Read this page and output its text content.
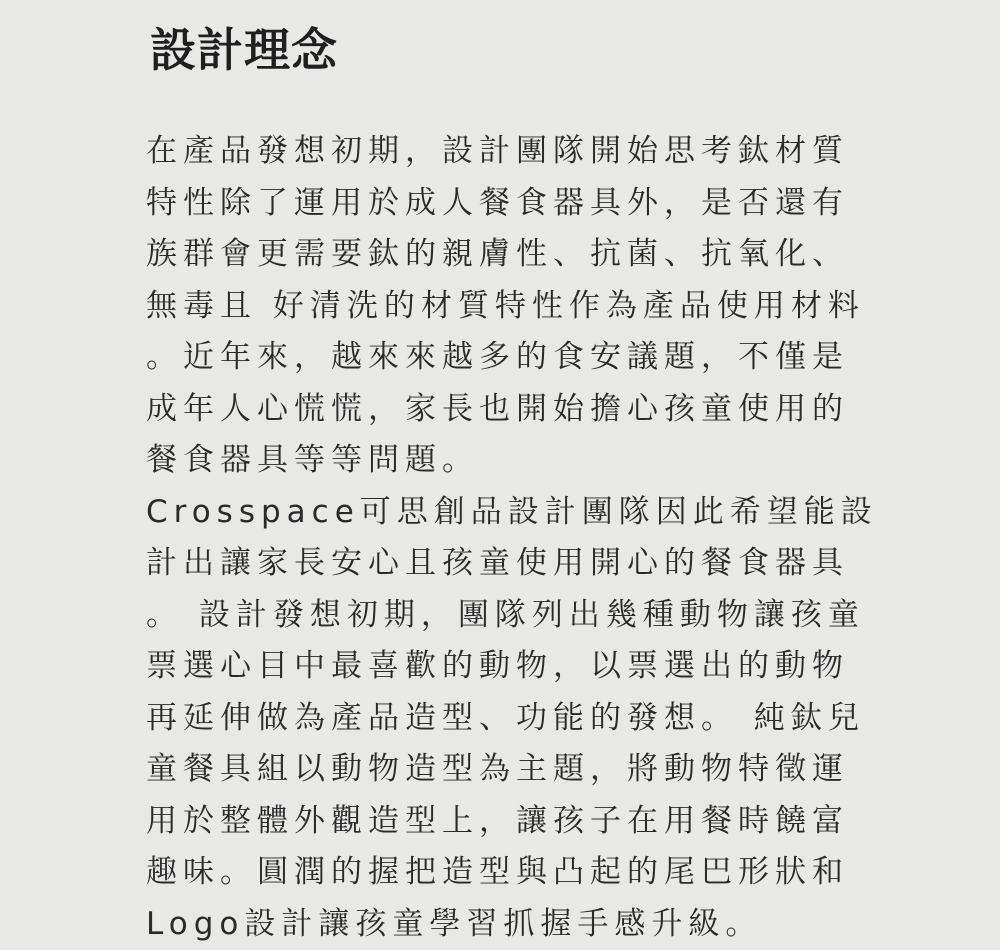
設計理念
在產品發想初期，設計團隊開始思考鈦材質
特性除了運用於成人餐食器具外，是否還有
族群會更需要鈦的親膚性、抗菌、抗氧化、
無毒且 好清洗的材質特性作為產品使用材料
。近年來，越來來越多的食安議題，不僅是
成年人心慌慌，家長也開始擔心孩童使用的
餐食器具等等問題。
Crosspace可思創品設計團隊因此希望能設
計出讓家長安心且孩童使用開心的餐食器具
。 設計發想初期，團隊列出幾種動物讓孩童
票選心目中最喜歡的動物，以票選出的動物
再延伸做為產品造型、功能的發想。 純鈦兒
童餐具組以動物造型為主題，將動物特徵運
用於整體外觀造型上，讓孩子在用餐時饒富
趣味。圓潤的握把造型與凸起的尾巴形狀和
Logo設計讓孩童學習抓握手感升級。
